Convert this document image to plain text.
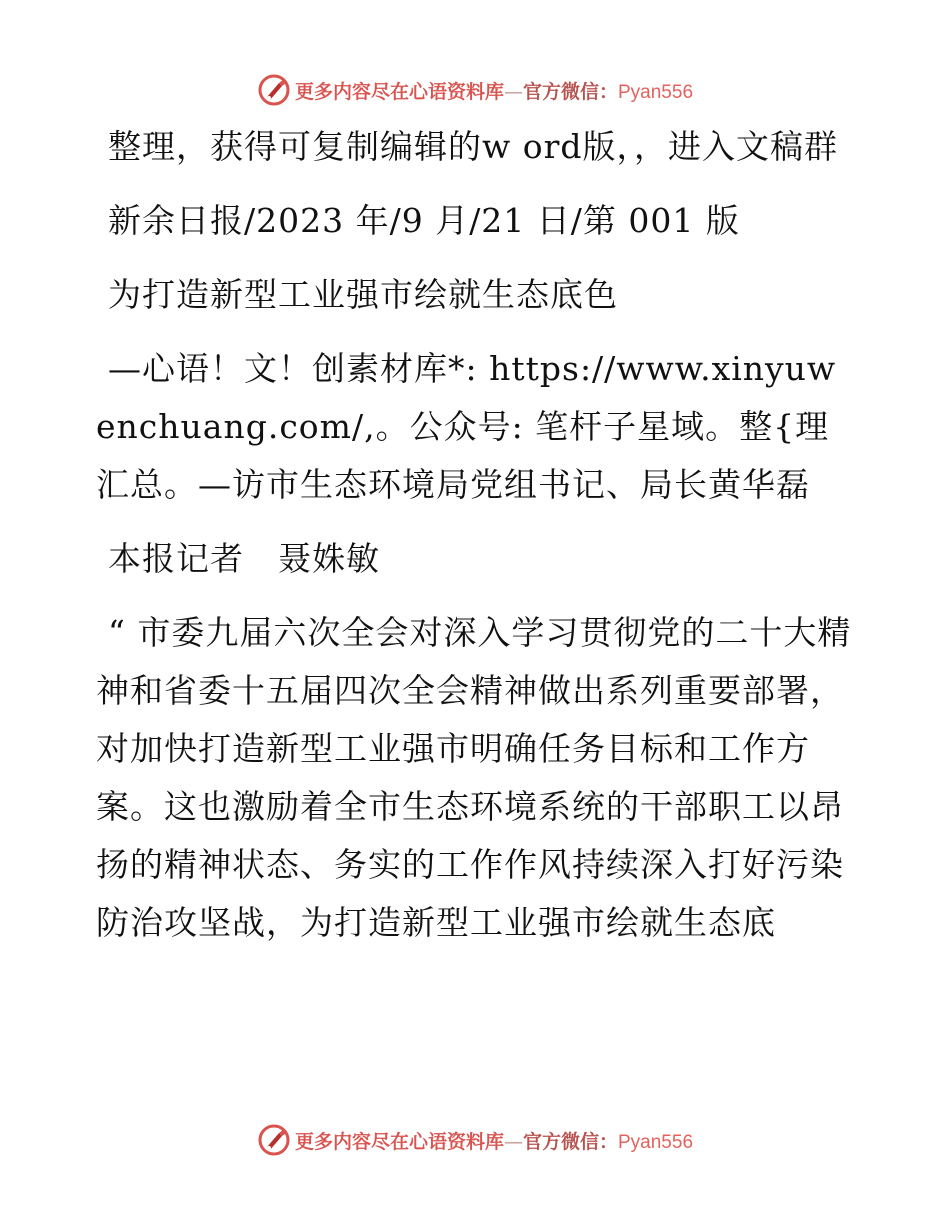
更多内容尽在心语资料库—官方微信：Pyan556

整理，获得可复制编辑的w ord版，，进入文稿群

新余日报/2023 年/9 月/21 日/第 001 版

为打造新型工业强市绘就生态底色

—心语！文！创素材库*: https://www.xinyuwenchuang.com/,。公众号: 笔杆子星域。整{理汇总。—访市生态环境局党组书记、局长黄华磊

本报记者　聂姝敏

“ 市委九届六次全会对深入学习贯彻党的二十大精神和省委十五届四次全会精神做出系列重要部署，对加快打造新型工业强市明确任务目标和工作方案。这也激励着全市生态环境系统的干部职工以昂扬的精神状态、务实的工作作风持续深入打好污染防治攻坚战，为打造新型工业强市绘就生态底

更多内容尽在心语资料库—官方微信：Pyan556
